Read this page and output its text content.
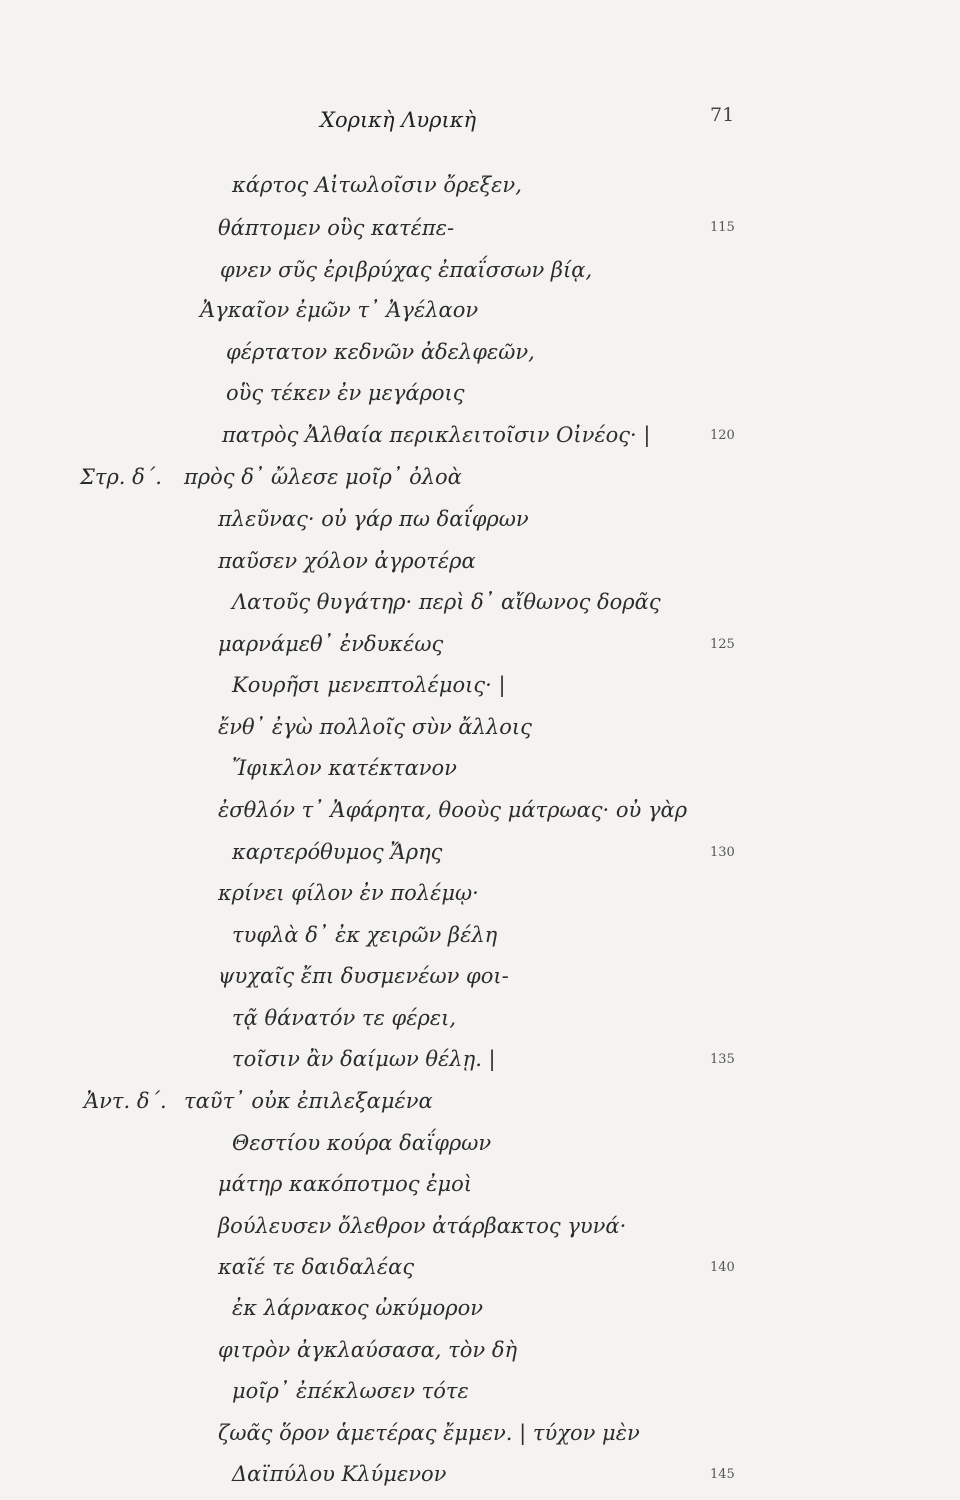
Χορικὴ Λυρικὴ	71
κάρτος Αἰτωλοῖσιν ὄρεξεν,
θάπτομεν οὓς κατέπε-
φνεν σῦς ἐριβρύχας ἐπαΐσσων βίᾳ,
Ἀγκαῖον ἐμῶν τ᾽ Ἀγέλαον
φέρτατον κεδνῶν ἀδελφεῶν,
οὓς τέκεν ἐν μεγάροις
πατρὸς Ἀλθαία περικλειτοῖσιν Οἰνέος· |
Στρ. δ΄. πρὸς δ᾽ ὤλεσε μοῖρ᾽ ὀλοὰ
πλεῦνας· οὐ γάρ πω δαΐφρων
παῦσεν χόλον ἀγροτέρα
Λατοῦς θυγάτηρ· περὶ δ᾽ αἴθωνος δορᾶς
μαρνάμεθ᾽ ἐνδυκέως
Κουρῆσι μενεπτολέμοις· |
ἔνθ᾽ ἐγὼ πολλοῖς σὺν ἄλλοις
Ἴφικλον κατέκτανον
ἐσθλόν τ᾽ Ἀφάρητα, θοοὺς μάτρωας· οὐ γὰρ
καρτερόθυμος Ἄρης
κρίνει φίλον ἐν πολέμῳ·
τυφλὰ δ᾽ ἐκ χειρῶν βέλη
ψυχαῖς ἔπι δυσμενέων φοι-
τᾷ θάνατόν τε φέρει,
τοῖσιν ἂν δαίμων θέλῃ. |
Ἀντ. δ΄. ταῦτ᾽ οὐκ ἐπιλεξαμένα
Θεστίου κούρα δαΐφρων
μάτηρ κακόποτμος ἐμοὶ
βούλευσεν ὄλεθρον ἀτάρβακτος γυνά·
καῖέ τε δαιδαλέας
ἐκ λάρνακος ὠκύμορον
φιτρὸν ἀγκλαύσασα, τὸν δὴ
μοῖρ᾽ ἐπέκλωσεν τότε
ζωᾶς ὅρον ἁμετέρας ἔμμεν. | τύχον μὲν
Δαϊπύλου Κλύμενον
115
120
125
130
135
140
145
